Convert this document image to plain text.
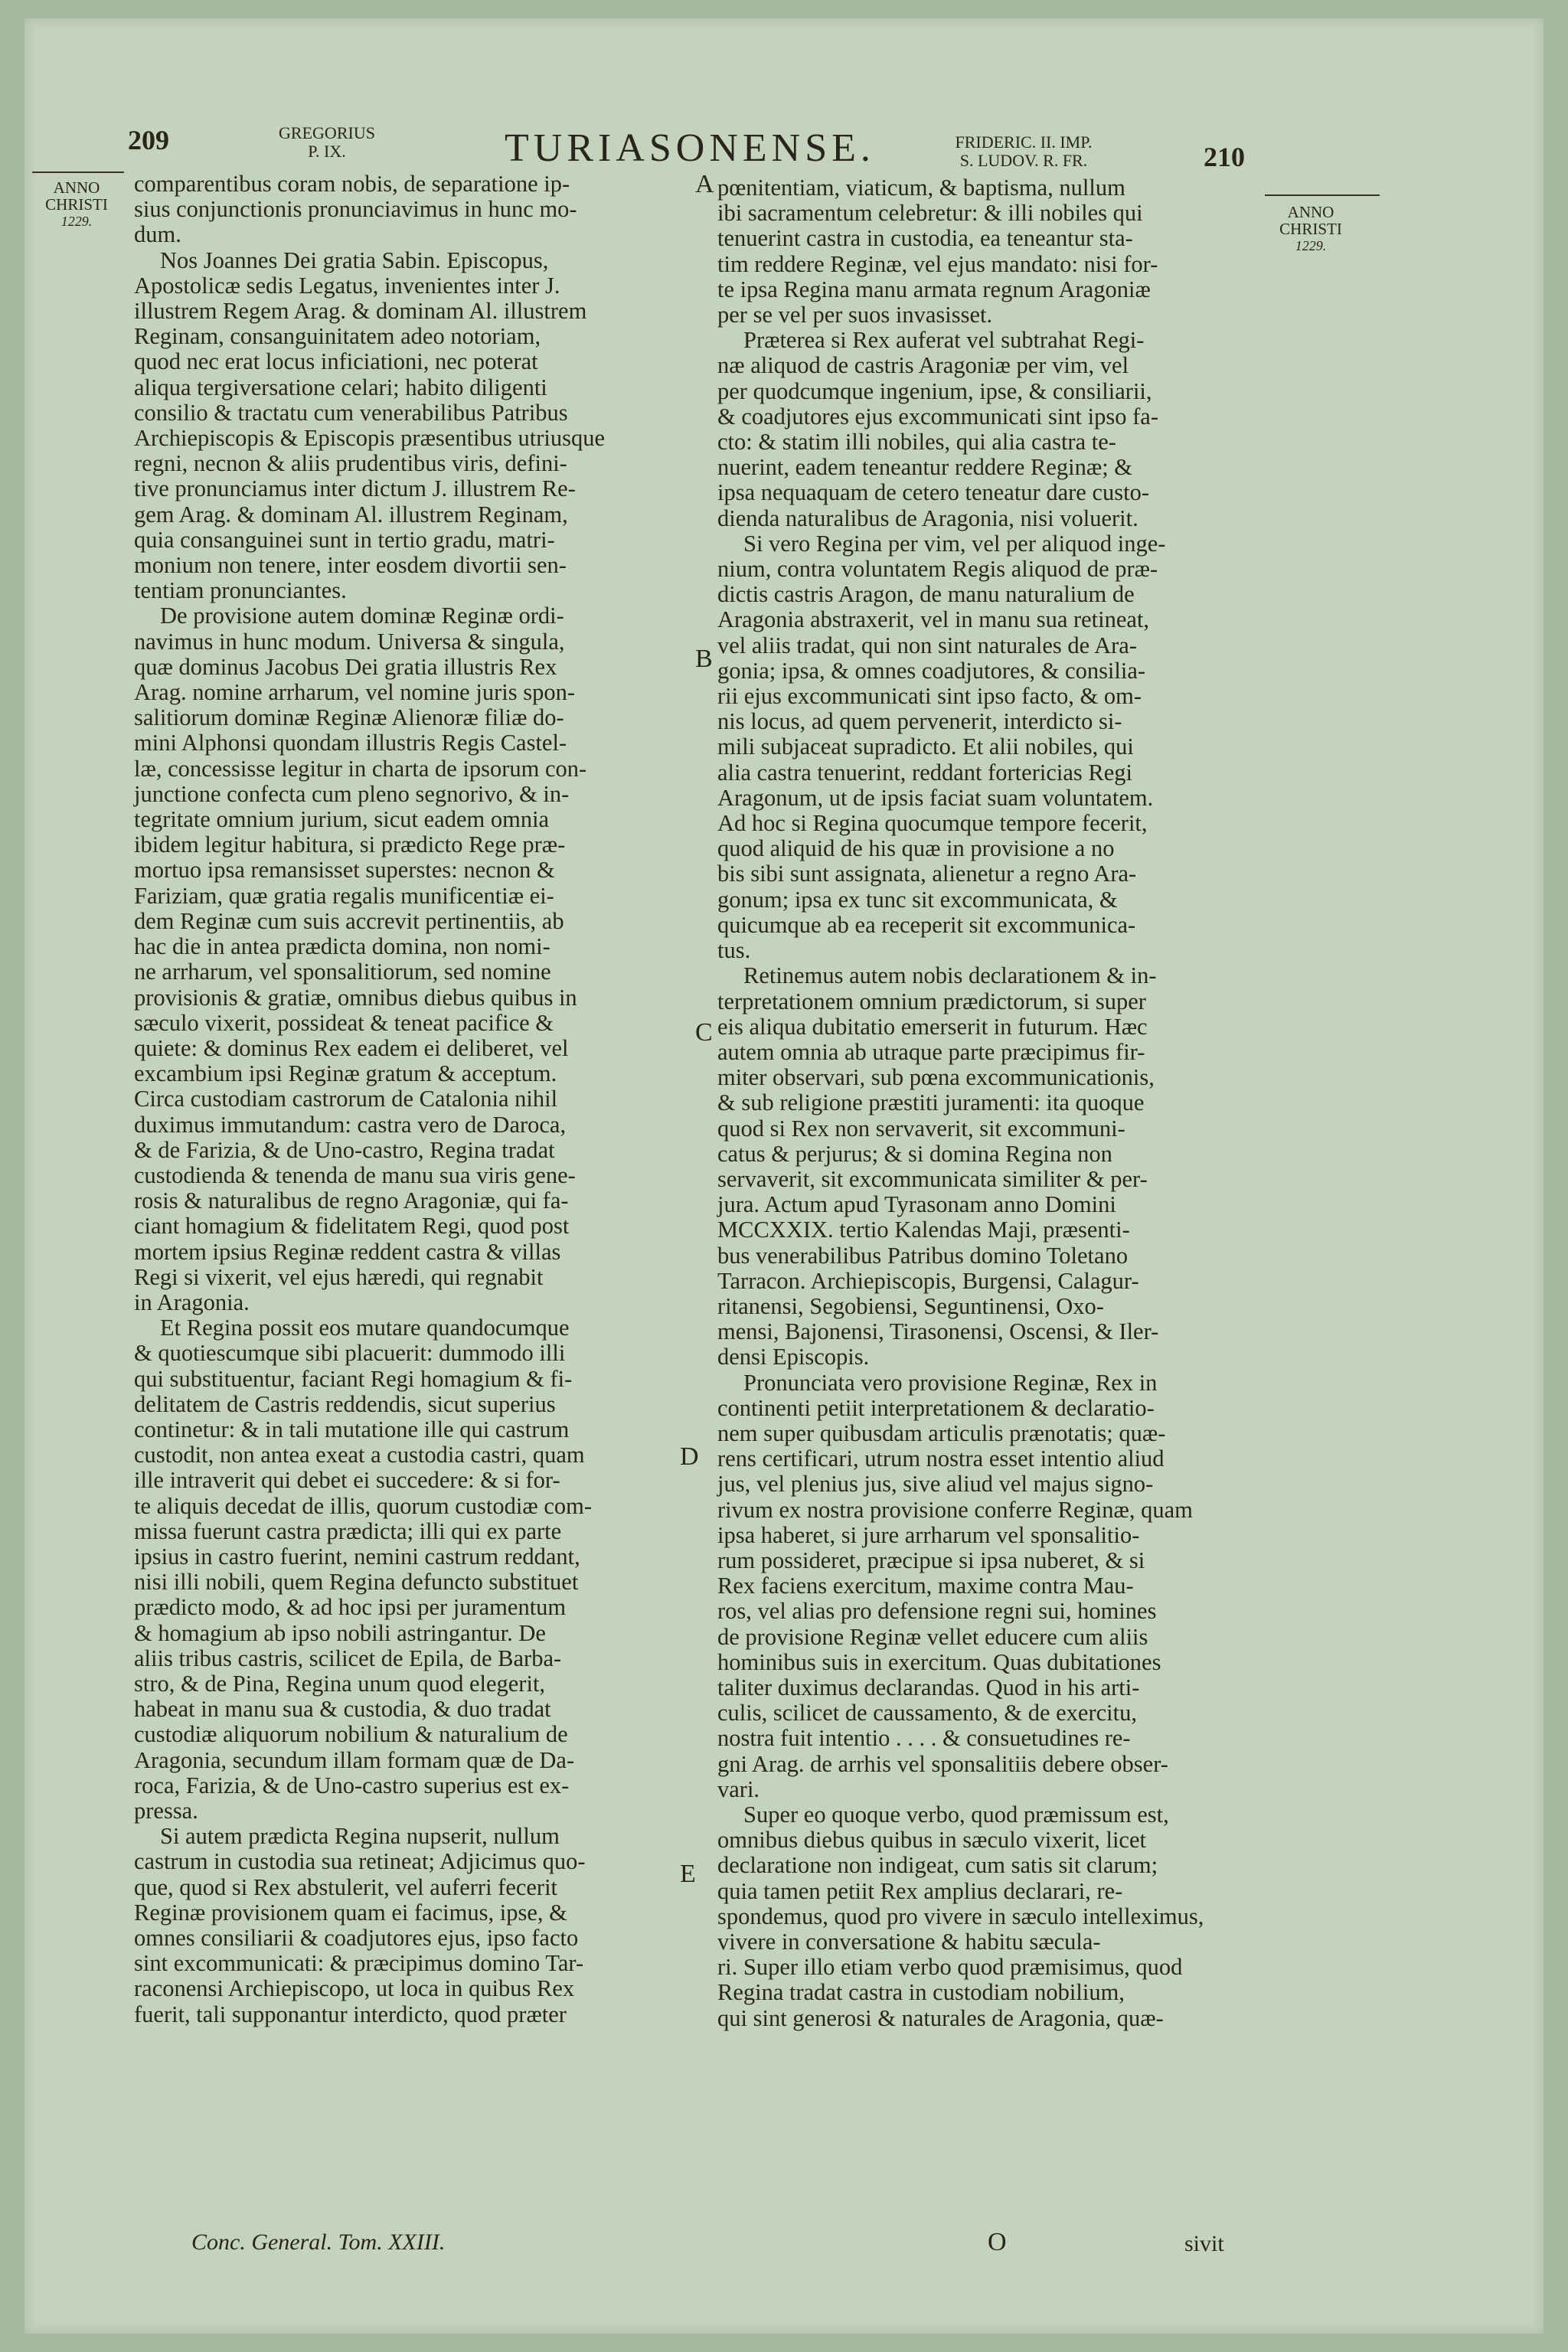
209	GREGORIUS
P. IX.	TURIASONENSE.	FRIDERIC. II. IMP.
S. LUDOV. R. FR.	210
ANNO
CHRISTI
1229.	ANNO
CHRISTI
1229.
A
B
C
D
E

comparentibus coram nobis, de separatione ip-
sius conjunctionis pronunciavimus in hunc mo-
dum.

Nos Joannes Dei gratia Sabin. Episcopus,
Apostolicæ sedis Legatus, invenientes inter J.
illustrem Regem Arag. & dominam Al. illustrem
Reginam, consanguinitatem adeo notoriam,
quod nec erat locus inficiationi, nec poterat
aliqua tergiversatione celari; habito diligenti
consilio & tractatu cum venerabilibus Patribus
Archiepiscopis & Episcopis præsentibus utriusque
regni, necnon & aliis prudentibus viris, defini-
tive pronunciamus inter dictum J. illustrem Re-
gem Arag. & dominam Al. illustrem Reginam,
quia consanguinei sunt in tertio gradu, matri-
monium non tenere, inter eosdem divortii sen-
tentiam pronunciantes.

De provisione autem dominæ Reginæ ordi-
navimus in hunc modum. Universa & singula,
quæ dominus Jacobus Dei gratia illustris Rex
Arag. nomine arrharum, vel nomine juris spon-
salitiorum dominæ Reginæ Alienoræ filiæ do-
mini Alphonsi quondam illustris Regis Castel-
læ, concessisse legitur in charta de ipsorum con-
junctione confecta cum pleno segnorivo, & in-
tegritate omnium jurium, sicut eadem omnia
ibidem legitur habitura, si prædicto Rege præ-
mortuo ipsa remansisset superstes: necnon &
Fariziam, quæ gratia regalis munificentiæ ei-
dem Reginæ cum suis accrevit pertinentiis, ab
hac die in antea prædicta domina, non nomi-
ne arrharum, vel sponsalitiorum, sed nomine
provisionis & gratiæ, omnibus diebus quibus in
sæculo vixerit, possideat & teneat pacifice &
quiete: & dominus Rex eadem ei deliberet, vel
excambium ipsi Reginæ gratum & acceptum.
Circa custodiam castrorum de Catalonia nihil
duximus immutandum: castra vero de Daroca,
& de Farizia, & de Uno-castro, Regina tradat
custodienda & tenenda de manu sua viris gene-
rosis & naturalibus de regno Aragoniæ, qui fa-
ciant homagium & fidelitatem Regi, quod post
mortem ipsius Reginæ reddent castra & villas
Regi si vixerit, vel ejus hæredi, qui regnabit
in Aragonia.

Et Regina possit eos mutare quandocumque
& quotiescumque sibi placuerit: dummodo illi
qui substituentur, faciant Regi homagium & fi-
delitatem de Castris reddendis, sicut superius
continetur: & in tali mutatione ille qui castrum
custodit, non antea exeat a custodia castri, quam
ille intraverit qui debet ei succedere: & si for-
te aliquis decedat de illis, quorum custodiæ com-
missa fuerunt castra prædicta; illi qui ex parte
ipsius in castro fuerint, nemini castrum reddant,
nisi illi nobili, quem Regina defuncto substituet
prædicto modo, & ad hoc ipsi per juramentum
& homagium ab ipso nobili astringantur. De
aliis tribus castris, scilicet de Epila, de Barba-
stro, & de Pina, Regina unum quod elegerit,
habeat in manu sua & custodia, & duo tradat
custodiæ aliquorum nobilium & naturalium de
Aragonia, secundum illam formam quæ de Da-
roca, Farizia, & de Uno-castro superius est ex-
pressa.

Si autem prædicta Regina nupserit, nullum
castrum in custodia sua retineat; Adjicimus quo-
que, quod si Rex abstulerit, vel auferri fecerit
Reginæ provisionem quam ei facimus, ipse, &
omnes consiliarii & coadjutores ejus, ipso facto
sint excommunicati: & præcipimus domino Tar-
raconensi Archiepiscopo, ut loca in quibus Rex
fuerit, tali supponantur interdicto, quod præter

pœnitentiam, viaticum, & baptisma, nullum
ibi sacramentum celebretur: & illi nobiles qui
tenuerint castra in custodia, ea teneantur sta-
tim reddere Reginæ, vel ejus mandato: nisi for-
te ipsa Regina manu armata regnum Aragoniæ
per se vel per suos invasisset.

Præterea si Rex auferat vel subtrahat Regi-
næ aliquod de castris Aragoniæ per vim, vel
per quodcumque ingenium, ipse, & consiliarii,
& coadjutores ejus excommunicati sint ipso fa-
cto: & statim illi nobiles, qui alia castra te-
nuerint, eadem teneantur reddere Reginæ; &
ipsa nequaquam de cetero teneatur dare custo-
dienda naturalibus de Aragonia, nisi voluerit.

Si vero Regina per vim, vel per aliquod inge-
nium, contra voluntatem Regis aliquod de præ-
dictis castris Aragon, de manu naturalium de
Aragonia abstraxerit, vel in manu sua retineat,
vel aliis tradat, qui non sint naturales de Ara-
gonia; ipsa, & omnes coadjutores, & consilia-
rii ejus excommunicati sint ipso facto, & om-
nis locus, ad quem pervenerit, interdicto si-
mili subjaceat supradicto. Et alii nobiles, qui
alia castra tenuerint, reddant fortericias Regi
Aragonum, ut de ipsis faciat suam voluntatem.
Ad hoc si Regina quocumque tempore fecerit,
quod aliquid de his quæ in provisione a no
bis sibi sunt assignata, alienetur a regno Ara-
gonum; ipsa ex tunc sit excommunicata, &
quicumque ab ea receperit sit excommunica-
tus.

Retinemus autem nobis declarationem & in-
terpretationem omnium prædictorum, si super
eis aliqua dubitatio emerserit in futurum. Hæc
autem omnia ab utraque parte præcipimus fir-
miter observari, sub pœna excommunicationis,
& sub religione præstiti juramenti: ita quoque
quod si Rex non servaverit, sit excommuni-
catus & perjurus; & si domina Regina non
servaverit, sit excommunicata similiter & per-
jura. Actum apud Tyrasonam anno Domini
MCCXXIX. tertio Kalendas Maji, præsenti-
bus venerabilibus Patribus domino Toletano
Tarracon. Archiepiscopis, Burgensi, Calagur-
ritanensi, Segobiensi, Seguntinensi, Oxo-
mensi, Bajonensi, Tirasonensi, Oscensi, & Iler-
densi Episcopis.

Pronunciata vero provisione Reginæ, Rex in
continenti petiit interpretationem & declaratio-
nem super quibusdam articulis prænotatis; quæ-
rens certificari, utrum nostra esset intentio aliud
jus, vel plenius jus, sive aliud vel majus signo-
rivum ex nostra provisione conferre Reginæ, quam
ipsa haberet, si jure arrharum vel sponsalitio-
rum possideret, præcipue si ipsa nuberet, & si
Rex faciens exercitum, maxime contra Mau-
ros, vel alias pro defensione regni sui, homines
de provisione Reginæ vellet educere cum aliis
hominibus suis in exercitum. Quas dubitationes
taliter duximus declarandas. Quod in his arti-
culis, scilicet de caussamento, & de exercitu,
nostra fuit intentio . . . . & consuetudines re-
gni Arag. de arrhis vel sponsalitiis debere obser-
vari.

Super eo quoque verbo, quod præmissum est,
omnibus diebus quibus in sæculo vixerit, licet
declaratione non indigeat, cum satis sit clarum;
quia tamen petiit Rex amplius declarari, re-
spondemus, quod pro vivere in sæculo intelleximus,
vivere in conversatione & habitu sæcula-
ri. Super illo etiam verbo quod præmisimus, quod
Regina tradat castra in custodiam nobilium,
qui sint generosi & naturales de Aragonia, quæ-

Conc. General. Tom. XXIII.	O	sivit
